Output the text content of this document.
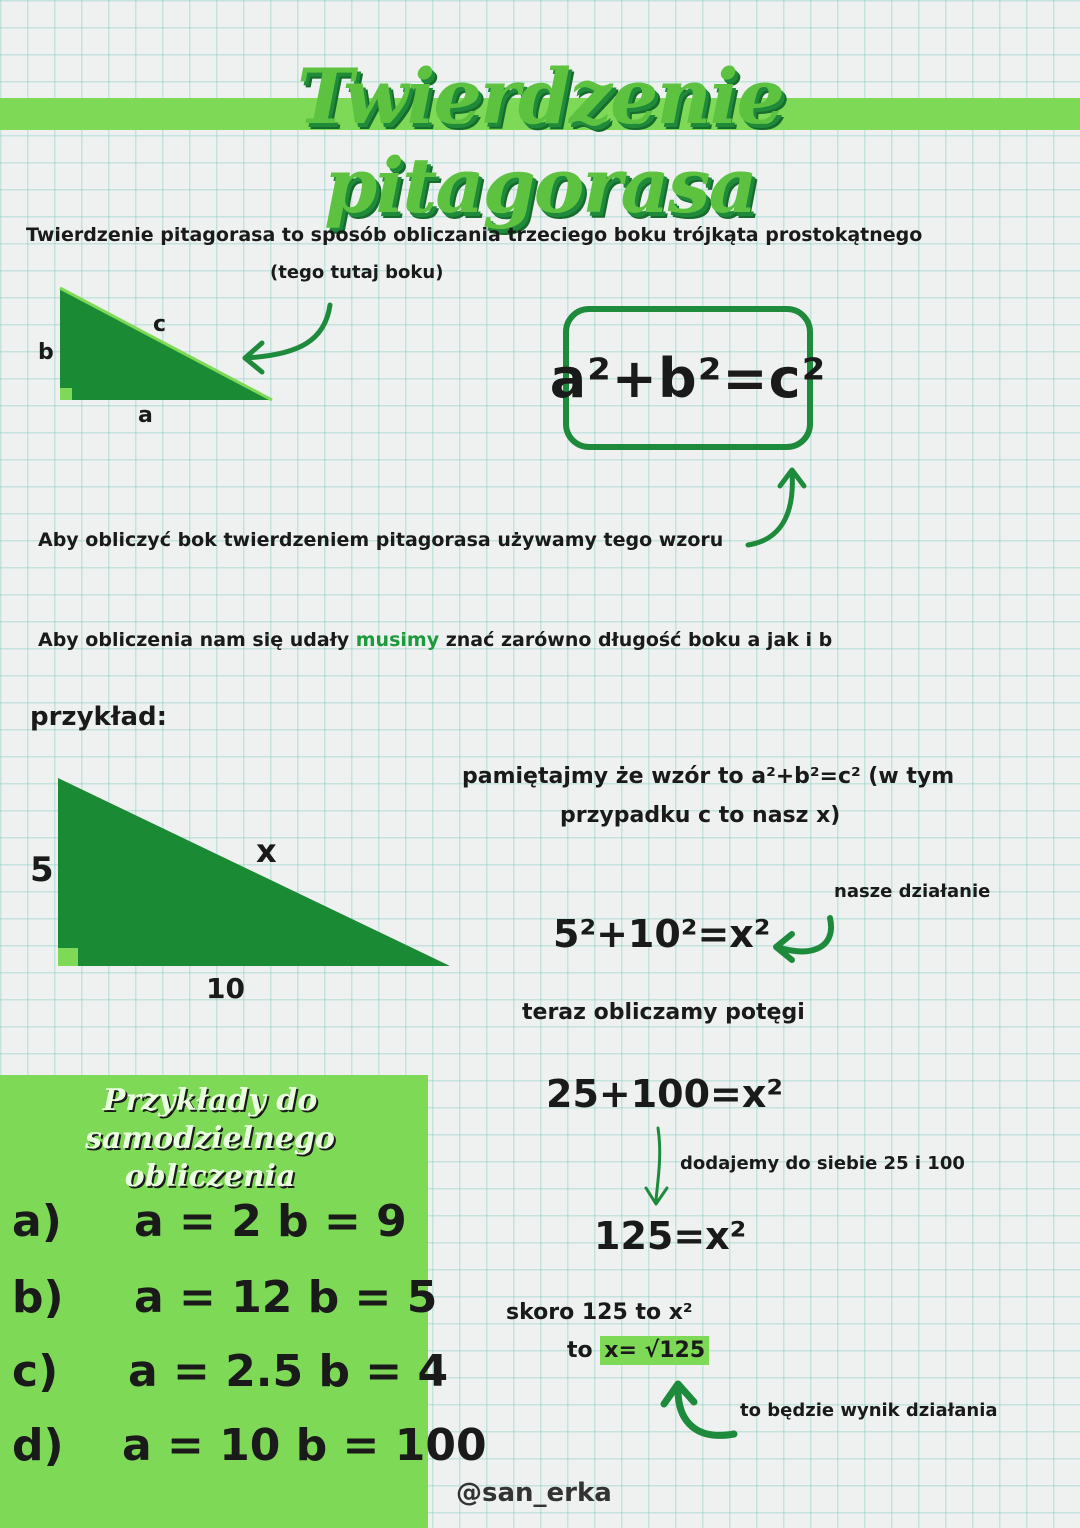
Twierdzenie pitagorasa
Twierdzenie pitagorasa to sposób obliczania trzeciego boku trójkąta prostokątnego
(tego tutaj boku)
b
a
c
a²+b²=c²
Aby obliczyć bok twierdzeniem pitagorasa używamy tego wzoru
Aby obliczenia nam się udały musimy znać zarówno długość boku a jak i b
przykład:
5
10
x
pamiętajmy że wzór to a²+b²=c² (w tym
przypadku c to nasz x)
nasze działanie
5²+10²=x²
teraz obliczamy potęgi
25+100=x²
dodajemy do siebie 25 i 100
125=x²
skoro 125 to x²
to x= √125
to będzie wynik działania
Przykłady do
samodzielnego obliczenia
a) a = 2 b = 9
b) a = 12 b = 5
c) a = 2.5 b = 4
d) a = 10 b = 100
@san_erka
